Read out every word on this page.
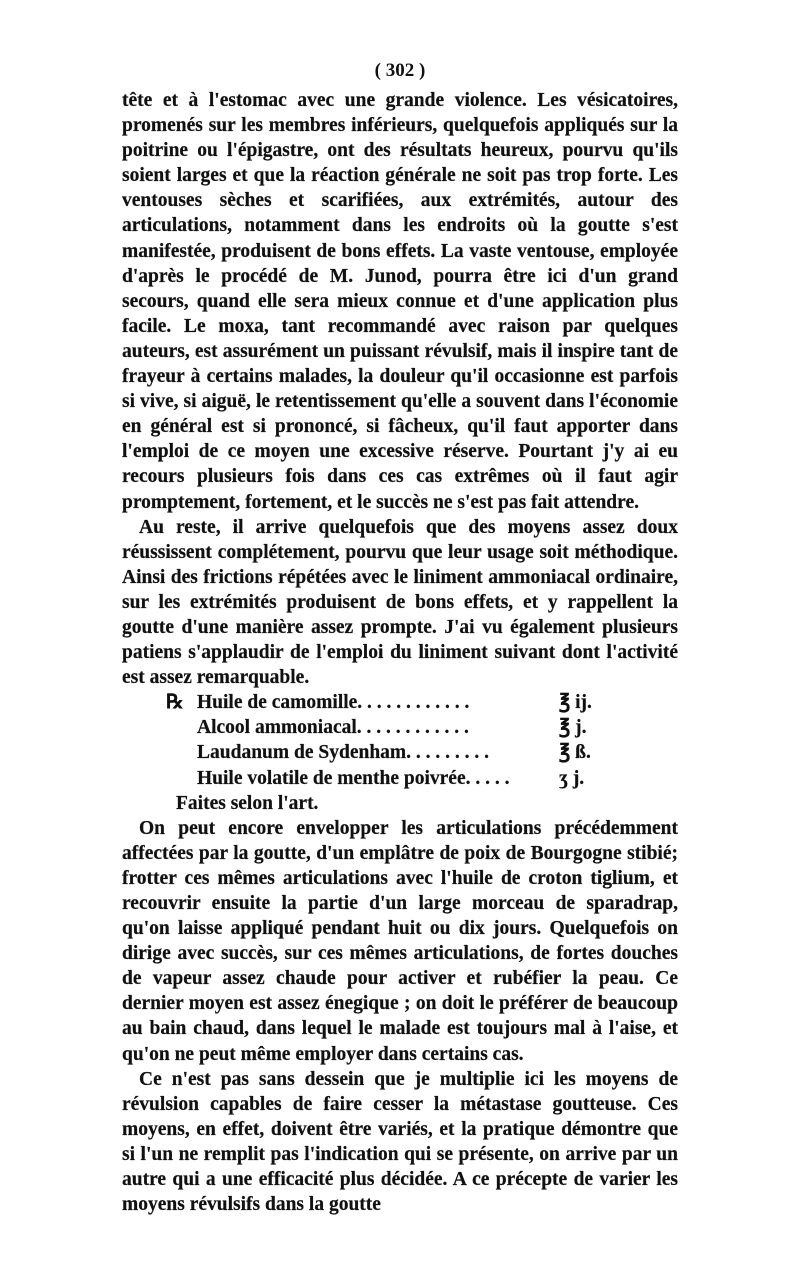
( 302 )

tête et à l'estomac avec une grande violence. Les vésicatoires, promenés sur les membres inférieurs, quelquefois appliqués sur la poitrine ou l'épigastre, ont des résultats heureux, pourvu qu'ils soient larges et que la réaction générale ne soit pas trop forte. Les ventouses sèches et scarifiées, aux extrémités, autour des articulations, notamment dans les endroits où la goutte s'est manifestée, produisent de bons effets. La vaste ventouse, employée d'après le procédé de M. Junod, pourra être ici d'un grand secours, quand elle sera mieux connue et d'une application plus facile. Le moxa, tant recommandé avec raison par quelques auteurs, est assurément un puissant révulsif, mais il inspire tant de frayeur à certains malades, la douleur qu'il occasionne est parfois si vive, si aiguë, le retentissement qu'elle a souvent dans l'économie en général est si prononcé, si fâcheux, qu'il faut apporter dans l'emploi de ce moyen une excessive réserve. Pourtant j'y ai eu recours plusieurs fois dans ces cas extrêmes où il faut agir promptement, fortement, et le succès ne s'est pas fait attendre.

Au reste, il arrive quelquefois que des moyens assez doux réussissent complétement, pourvu que leur usage soit méthodique. Ainsi des frictions répétées avec le liniment ammoniacal ordinaire, sur les extrémités produisent de bons effets, et y rappellent la goutte d'une manière assez prompte. J'ai vu également plusieurs patiens s'applaudir de l'emploi du liniment suivant dont l'activité est assez remarquable.

℞ Huile de camomille. . . . . . . . . . . .	℥ ij.
Alcool ammoniacal. . . . . . . . . . . .	℥ j.
Laudanum de Sydenham. . . . . . . . .	℥ ß.
Huile volatile de menthe poivrée. . . . .	ʒ j.
Faites selon l'art.

On peut encore envelopper les articulations précédemment affectées par la goutte, d'un emplâtre de poix de Bourgogne stibié; frotter ces mêmes articulations avec l'huile de croton tiglium, et recouvrir ensuite la partie d'un large morceau de sparadrap, qu'on laisse appliqué pendant huit ou dix jours. Quelquefois on dirige avec succès, sur ces mêmes articulations, de fortes douches de vapeur assez chaude pour activer et rubéfier la peau. Ce dernier moyen est assez énegique ; on doit le préférer de beaucoup au bain chaud, dans lequel le malade est toujours mal à l'aise, et qu'on ne peut même employer dans certains cas.

Ce n'est pas sans dessein que je multiplie ici les moyens de révulsion capables de faire cesser la métastase goutteuse. Ces moyens, en effet, doivent être variés, et la pratique démontre que si l'un ne remplit pas l'indication qui se présente, on arrive par un autre qui a une efficacité plus décidée. A ce précepte de varier les moyens révulsifs dans la goutte
